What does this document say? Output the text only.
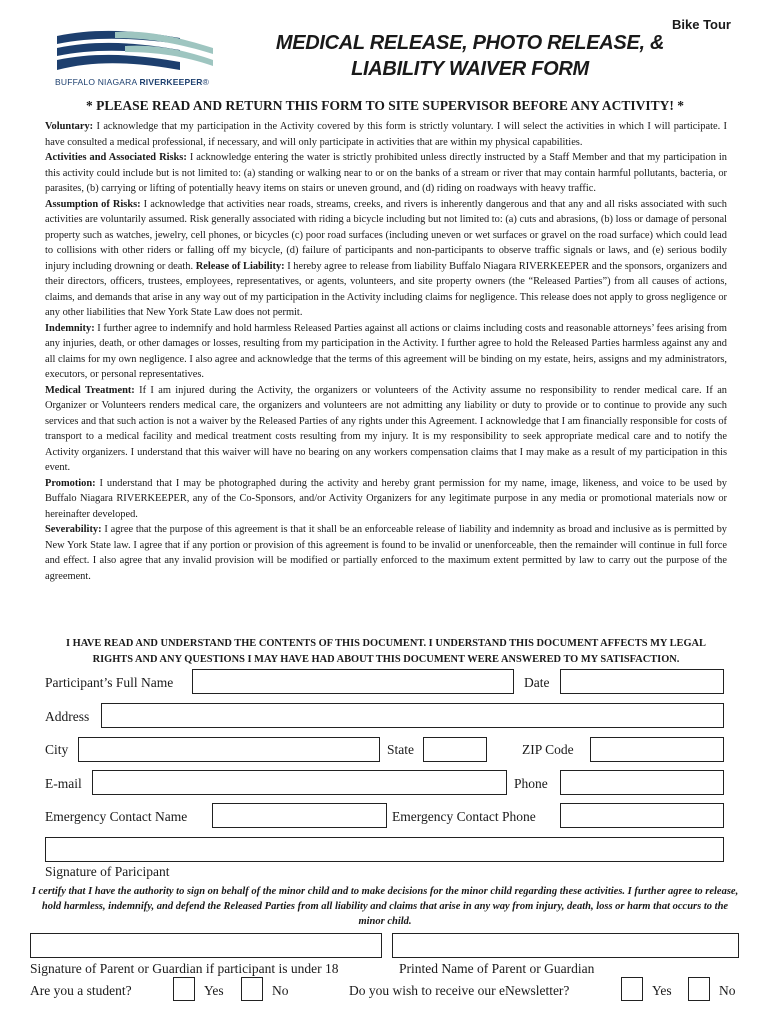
BUFFALO NIAGARA RIVERKEEPER®
MEDICAL RELEASE, PHOTO RELEASE, &
LIABILITY WAIVER FORM
Bike Tour
* PLEASE READ AND RETURN THIS FORM TO SITE SUPERVISOR BEFORE ANY ACTIVITY! *

Voluntary: I acknowledge that my participation in the Activity covered by this form is strictly voluntary. I will select the activities in which I will participate. I have consulted a medical professional, if necessary, and will only participate in activities that are within my physical capabilities.

Activities and Associated Risks: I acknowledge entering the water is strictly prohibited unless directly instructed by a Staff Member and that my participation in this activity could include but is not limited to: (a) standing or walking near to or on the banks of a stream or river that may contain harmful pollutants, bacteria, or parasites, (b) carrying or lifting of potentially heavy items on stairs or uneven ground, and (d) riding on roadways with heavy traffic.

Assumption of Risks: I acknowledge that activities near roads, streams, creeks, and rivers is inherently dangerous and that any and all risks associated with such activities are voluntarily assumed. Risk generally associated with riding a bicycle including but not limited to: (a) cuts and abrasions, (b) loss or damage of personal property such as watches, jewelry, cell phones, or bicycles (c) poor road surfaces (including uneven or wet surfaces or gravel on the road surface) which could lead to collisions with other riders or falling off my bicycle, (d) failure of participants and non-participants to observe traffic signals or laws, and (e) serious bodily injury including drowning or death. Release of Liability: I hereby agree to release from liability Buffalo Niagara RIVERKEEPER and the sponsors, organizers and their directors, officers, trustees, employees, representatives, or agents, volunteers, and site property owners (the “Released Parties”) from all causes of actions, claims, and demands that arise in any way out of my participation in the Activity including claims for negligence. This release does not apply to gross negligence or any other liabilities that New York State Law does not permit.

Indemnity: I further agree to indemnify and hold harmless Released Parties against all actions or claims including costs and reasonable attorneys’ fees arising from any injuries, death, or other damages or losses, resulting from my participation in the Activity. I further agree to hold the Released Parties harmless against any and all claims for my own negligence. I also agree and acknowledge that the terms of this agreement will be binding on my estate, heirs, assigns and my administrators, executors, or personal representatives.

Medical Treatment: If I am injured during the Activity, the organizers or volunteers of the Activity assume no responsibility to render medical care. If an Organizer or Volunteers renders medical care, the organizers and volunteers are not admitting any liability or duty to provide or to continue to provide any such services and that such action is not a waiver by the Released Parties of any rights under this Agreement. I acknowledge that I am financially responsible for costs of transport to a medical facility and medical treatment costs resulting from my injury. It is my responsibility to seek appropriate medical care and to notify the Activity organizers. I understand that this waiver will have no bearing on any workers compensation claims that I may make as a result of my participation in this event.

Promotion: I understand that I may be photographed during the activity and hereby grant permission for my name, image, likeness, and voice to be used by Buffalo Niagara RIVERKEEPER, any of the Co-Sponsors, and/or Activity Organizers for any legitimate purpose in any media or promotional materials now or hereinafter developed.

Severability: I agree that the purpose of this agreement is that it shall be an enforceable release of liability and indemnity as broad and inclusive as is permitted by New York State law. I agree that if any portion or provision of this agreement is found to be invalid or unenforceable, then the remainder will continue in full force and effect. I also agree that any invalid provision will be modified or partially enforced to the maximum extent permitted by law to carry out the purpose of the agreement.

I HAVE READ AND UNDERSTAND THE CONTENTS OF THIS DOCUMENT. I UNDERSTAND THIS DOCUMENT AFFECTS MY LEGAL RIGHTS AND ANY QUESTIONS I MAY HAVE HAD ABOUT THIS DOCUMENT WERE ANSWERED TO MY SATISFACTION.
Participant’s Full Name	Date
Address
City	State	ZIP Code
E-mail	Phone
Emergency Contact Name	Emergency Contact Phone
Signature of Paricipant
I certify that I have the authority to sign on behalf of the minor child and to make decisions for the minor child regarding these activities. I further agree to release, hold harmless, indemnify, and defend the Released Parties from all liability and claims that arise in any way from injury, death, loss or harm that occurs to the minor child.
Signature of Parent or Guardian if participant is under 18	Printed Name of Parent or Guardian
Are you a student?	Yes	No	Do you wish to receive our eNewsletter?	Yes	No
